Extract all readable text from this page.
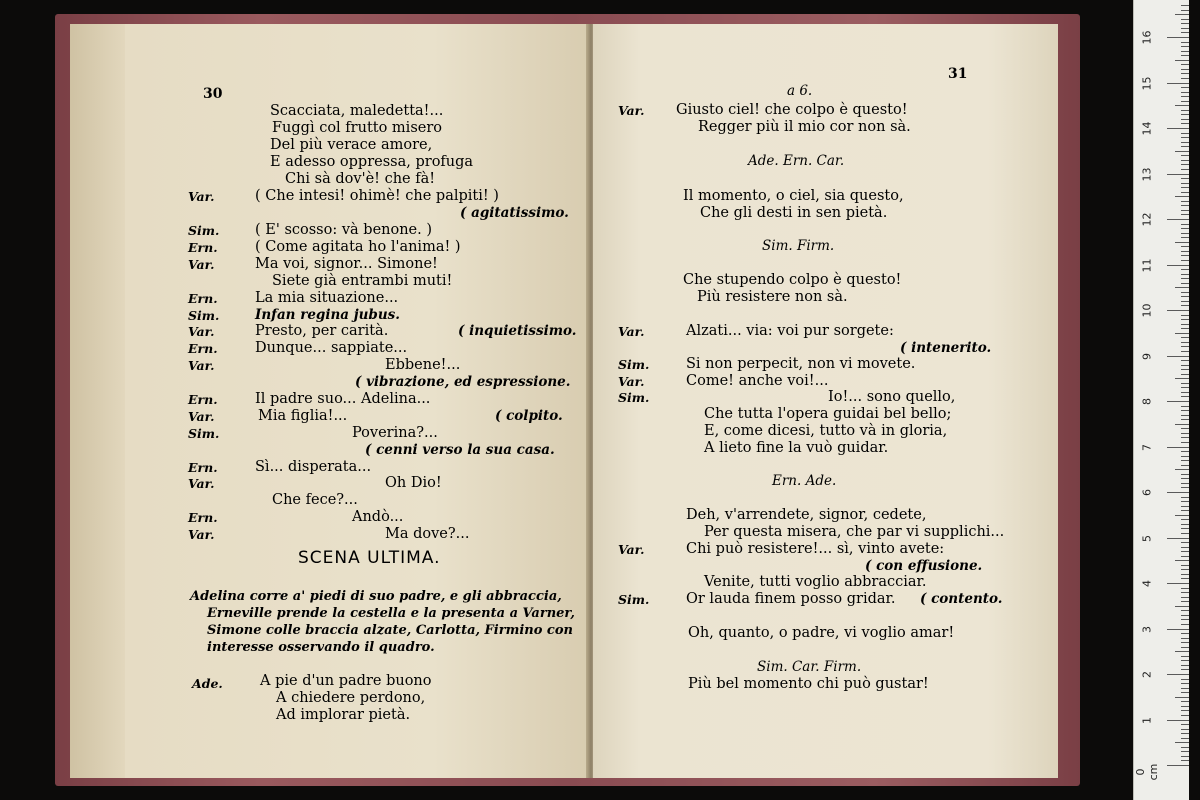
30
Scacciata, maledetta!...
Fuggì col frutto misero
Del più verace amore,
E adesso oppressa, profuga
Chi sà dov'è! che fà!
Var.	( Che intesi! ohimè! che palpiti! )
( agitatissimo.
Sim. ( E' scosso: và benone. )
Ern.	( Come agitata ho l'anima! )
Var.	Ma voi, signor... Simone!
Siete già entrambi muti!
Ern.	La mia situazione...
Sim.	Infan regina jubus.
Var.	Presto, per carità.	( inquietissimo.
Ern.	Dunque... sappiate...
Var.	Ebbene!...
( vibrazione, ed espressione.
Ern.	Il padre suo... Adelina...
Var.	Mia figlia!...	( colpito.
Sim.	Poverina?...
( cenni verso la sua casa.
Ern.	Sì... disperata...
Var.	Oh Dio!
Che fece?...
Ern.	Andò...
Var.	Ma dove?...
SCENA ULTIMA.
Adelina corre a' piedi di suo padre, e gli abbraccia,
Erneville prende la cestella e la presenta a Varner,
Simone colle braccia alzate, Carlotta, Firmino con
interesse osservando il quadro.
Ade.	A pie d'un padre buono
A chiedere perdono,
Ad implorar pietà.
31
a 6.
Var. Giusto ciel! che colpo è questo!
Regger più il mio cor non sà.
Ade. Ern. Car.
Il momento, o ciel, sia questo,
Che gli desti in sen pietà.
Sim. Firm.
Che stupendo colpo è questo!
Più resistere non sà.
Var.	Alzati... via: voi pur sorgete:
( intenerito.
Sim.	Si non perpecit, non vi movete.
Var.	Come! anche voi!...
Sim.	Io!... sono quello,
Che tutta l'opera guidai bel bello;
E, come dicesi, tutto và in gloria,
A lieto fine la vuò guidar.
Ern. Ade.
Deh, v'arrendete, signor, cedete,
Per questa misera, che par vi supplichi...
Var.	Chi può resistere!... sì, vinto avete:
( con effusione.
Venite, tutti voglio abbracciar.
Sim.	Or lauda finem posso gridar. ( contento.
Oh, quanto, o padre, vi voglio amar!
Sim. Car. Firm.
Più bel momento chi può gustar!
0 cm
1
2
3
4
5
6
7
8
9
10
11
12
13
14
15
16
